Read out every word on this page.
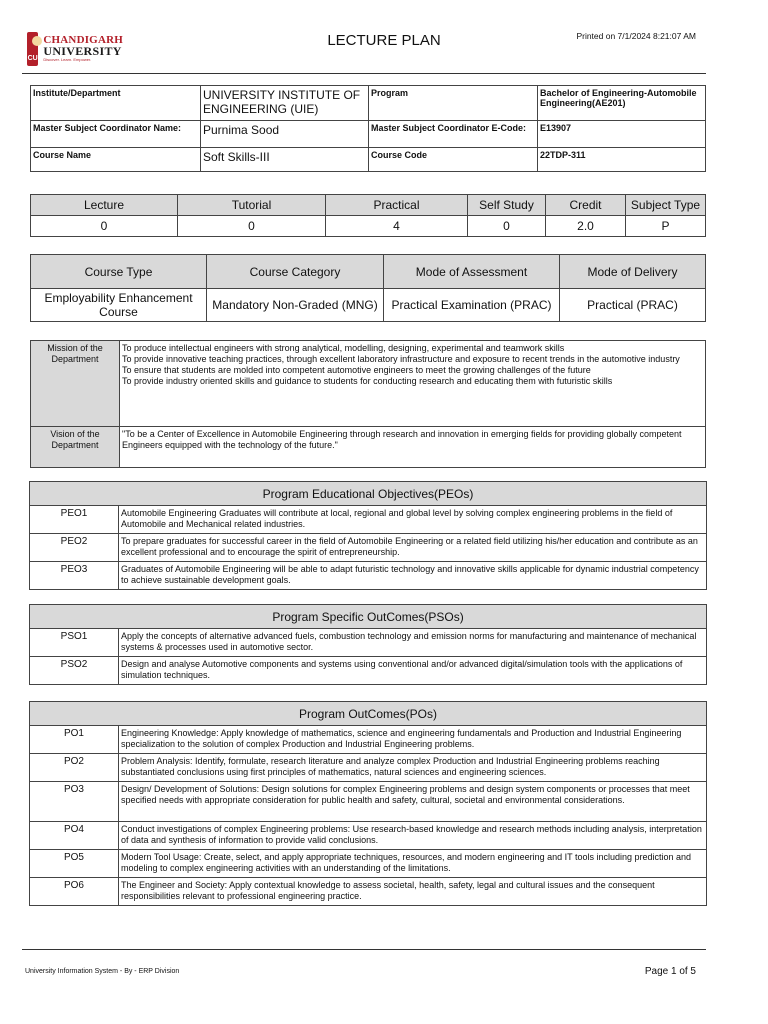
CU
CHANDIGARH
UNIVERSITY
Discover. Learn. Empower.
LECTURE PLAN	Printed on 7/1/2024 8:21:07 AM
Institute/Department	UNIVERSITY INSTITUTE OF ENGINEERING (UIE)	Program	Bachelor of Engineering-Automobile Engineering(AE201)
Master Subject Coordinator Name:	Purnima Sood	Master Subject Coordinator E-Code:	E13907
Course Name	Soft Skills-III	Course Code	22TDP-311
Lecture	Tutorial	Practical	Self Study	Credit	Subject Type
0	0	4	0	2.0	P
Course Type	Course Category	Mode of Assessment	Mode of Delivery
Employability Enhancement Course	Mandatory Non-Graded (MNG)	Practical Examination (PRAC)	Practical (PRAC)
Mission of the Department	To produce intellectual engineers with strong analytical, modelling, designing, experimental and teamwork skills
To provide innovative teaching practices, through excellent laboratory infrastructure and exposure to recent trends in the automotive industry
To ensure that students are molded into competent automotive engineers to meet the growing challenges of the future
To provide industry oriented skills and guidance to students for conducting research and educating them with futuristic skills

Vision of the Department	"To be a Center of Excellence in Automobile Engineering through research and innovation in emerging fields for providing globally competent Engineers equipped with the technology of the future."
Program Educational Objectives(PEOs)	
PEO1	Automobile Engineering Graduates will contribute at local, regional and global level by solving complex engineering problems in the field of Automobile and Mechanical related industries.
PEO2	To prepare graduates for successful career in the field of Automobile Engineering or a related field utilizing his/her education and contribute as an excellent professional and to encourage the spirit of entrepreneurship.
PEO3	Graduates of Automobile Engineering will be able to adapt futuristic technology and innovative skills applicable for dynamic industrial competency to achieve sustainable development goals.
Program Specific OutComes(PSOs)	
PSO1	Apply the concepts of alternative advanced fuels, combustion technology and emission norms for manufacturing and maintenance of mechanical systems & processes used in automotive sector.
PSO2	Design and analyse Automotive components and systems using conventional and/or advanced digital/simulation tools with the applications of simulation techniques.
Program OutComes(POs)	
PO1	Engineering Knowledge: Apply knowledge of mathematics, science and engineering fundamentals and Production and Industrial Engineering specialization to the solution of complex Production and Industrial Engineering problems.
PO2	Problem Analysis: Identify, formulate, research literature and analyze complex Production and Industrial Engineering problems reaching substantiated conclusions using first principles of mathematics, natural sciences and engineering sciences.
PO3	Design/ Development of Solutions: Design solutions for complex Engineering problems and design system components or processes that meet specified needs with appropriate consideration for public health and safety, cultural, societal and environmental considerations.
PO4	Conduct investigations of complex Engineering problems: Use research-based knowledge and research methods including analysis, interpretation of data and synthesis of information to provide valid conclusions.
PO5	Modern Tool Usage: Create, select, and apply appropriate techniques, resources, and modern engineering and IT tools including prediction and modeling to complex engineering activities with an understanding of the limitations.
PO6	The Engineer and Society: Apply contextual knowledge to assess societal, health, safety, legal and cultural issues and the consequent responsibilities relevant to professional engineering practice.
University Information System - By - ERP Division	Page 1 of 5
